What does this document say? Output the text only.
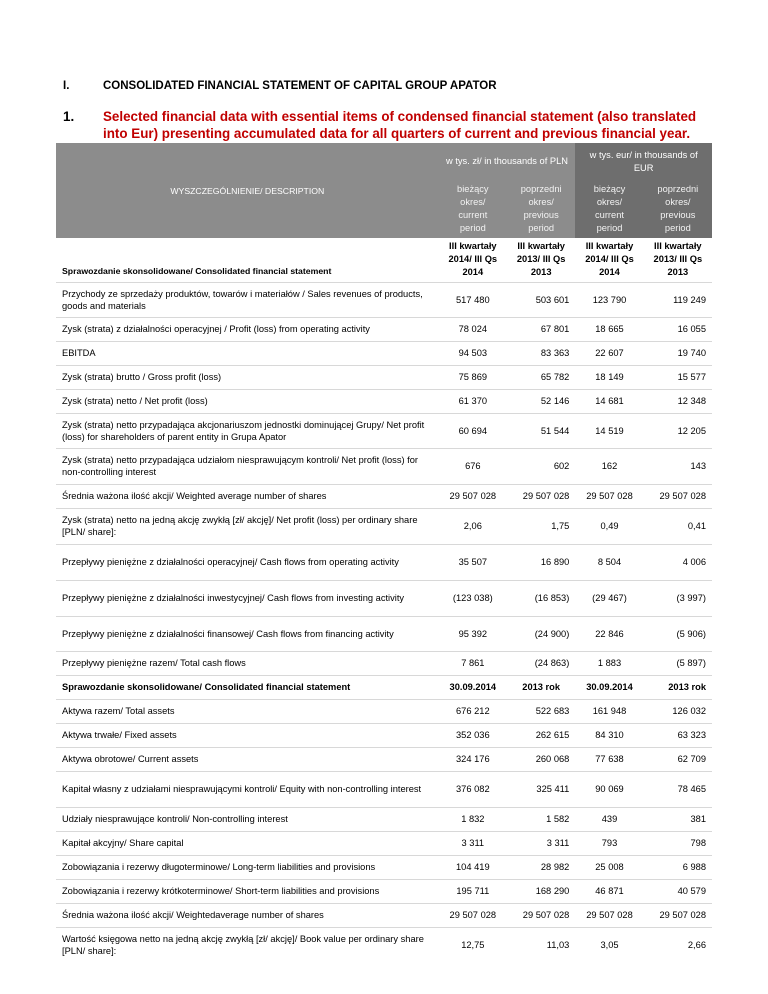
I.	CONSOLIDATED FINANCIAL STATEMENT OF CAPITAL GROUP APATOR
1. Selected financial data with essential items of condensed financial statement (also translated into Eur) presenting accumulated data for all quarters of current and previous financial year.
WYSZCZEGÓLNIENIE/ DESCRIPTION	w tys. zł/ in thousands of PLN		w tys. eur/ in thousands of EUR	
	bieżący okres/ current period	poprzedni okres/ previous period	bieżący okres/ current period	poprzedni okres/ previous period
Sprawozdanie skonsolidowane/ Consolidated financial statement	III kwartały 2014/ III Qs 2014	III kwartały 2013/ III Qs 2013	III kwartały 2014/ III Qs 2014	III kwartały 2013/ III Qs 2013
Przychody ze sprzedaży produktów, towarów i materiałów / Sales revenues of products, goods and materials	517 480	503 601	123 790	119 249
Zysk (strata) z działalności operacyjnej / Profit (loss) from operating activity	78 024	67 801	18 665	16 055
EBITDA	94 503	83 363	22 607	19 740
Zysk (strata) brutto / Gross profit (loss)	75 869	65 782	18 149	15 577
Zysk (strata) netto / Net profit (loss)	61 370	52 146	14 681	12 348
Zysk (strata) netto przypadająca akcjonariuszom jednostki dominującej Grupy/ Net profit (loss) for shareholders of parent entity in Grupa Apator	60 694	51 544	14 519	12 205
Zysk (strata) netto przypadająca udziałom niesprawującym kontroli/ Net profit (loss) for non-controlling interest	676	602	162	143
Średnia ważona ilość akcji/ Weighted average number of shares	29 507 028	29 507 028	29 507 028	29 507 028
Zysk (strata) netto na jedną akcję zwykłą [zł/ akcję]/ Net profit (loss) per ordinary share [PLN/ share]:	2,06	1,75	0,49	0,41
Przepływy pieniężne z działalności operacyjnej/ Cash flows from operating activity	35 507	16 890	8 504	4 006
Przepływy pieniężne z działalności inwestycyjnej/ Cash flows from investing activity	(123 038)	(16 853)	(29 467)	(3 997)
Przepływy pieniężne z działalności finansowej/ Cash flows from financing activity	95 392	(24 900)	22 846	(5 906)
Przepływy pieniężne razem/ Total cash flows	7 861	(24 863)	1 883	(5 897)
Sprawozdanie skonsolidowane/ Consolidated financial statement	30.09.2014	2013 rok	30.09.2014	2013 rok
Aktywa razem/ Total assets	676 212	522 683	161 948	126 032
Aktywa trwałe/ Fixed assets	352 036	262 615	84 310	63 323
Aktywa obrotowe/ Current assets	324 176	260 068	77 638	62 709
Kapitał własny z udziałami niesprawującymi kontroli/ Equity with non-controlling interest	376 082	325 411	90 069	78 465
Udziały niesprawujące kontroli/ Non-controlling interest	1 832	1 582	439	381
Kapitał akcyjny/ Share capital	3 311	3 311	793	798
Zobowiązania i rezerwy długoterminowe/ Long-term liabilities and provisions	104 419	28 982	25 008	6 988
Zobowiązania i rezerwy krótkoterminowe/ Short-term liabilities and provisions	195 711	168 290	46 871	40 579
Średnia ważona ilość akcji/ Weightedaverage number of shares	29 507 028	29 507 028	29 507 028	29 507 028
Wartość księgowa netto na jedną akcję zwykłą [zł/ akcję]/ Book value per ordinary share [PLN/ share]:	12,75	11,03	3,05	2,66
